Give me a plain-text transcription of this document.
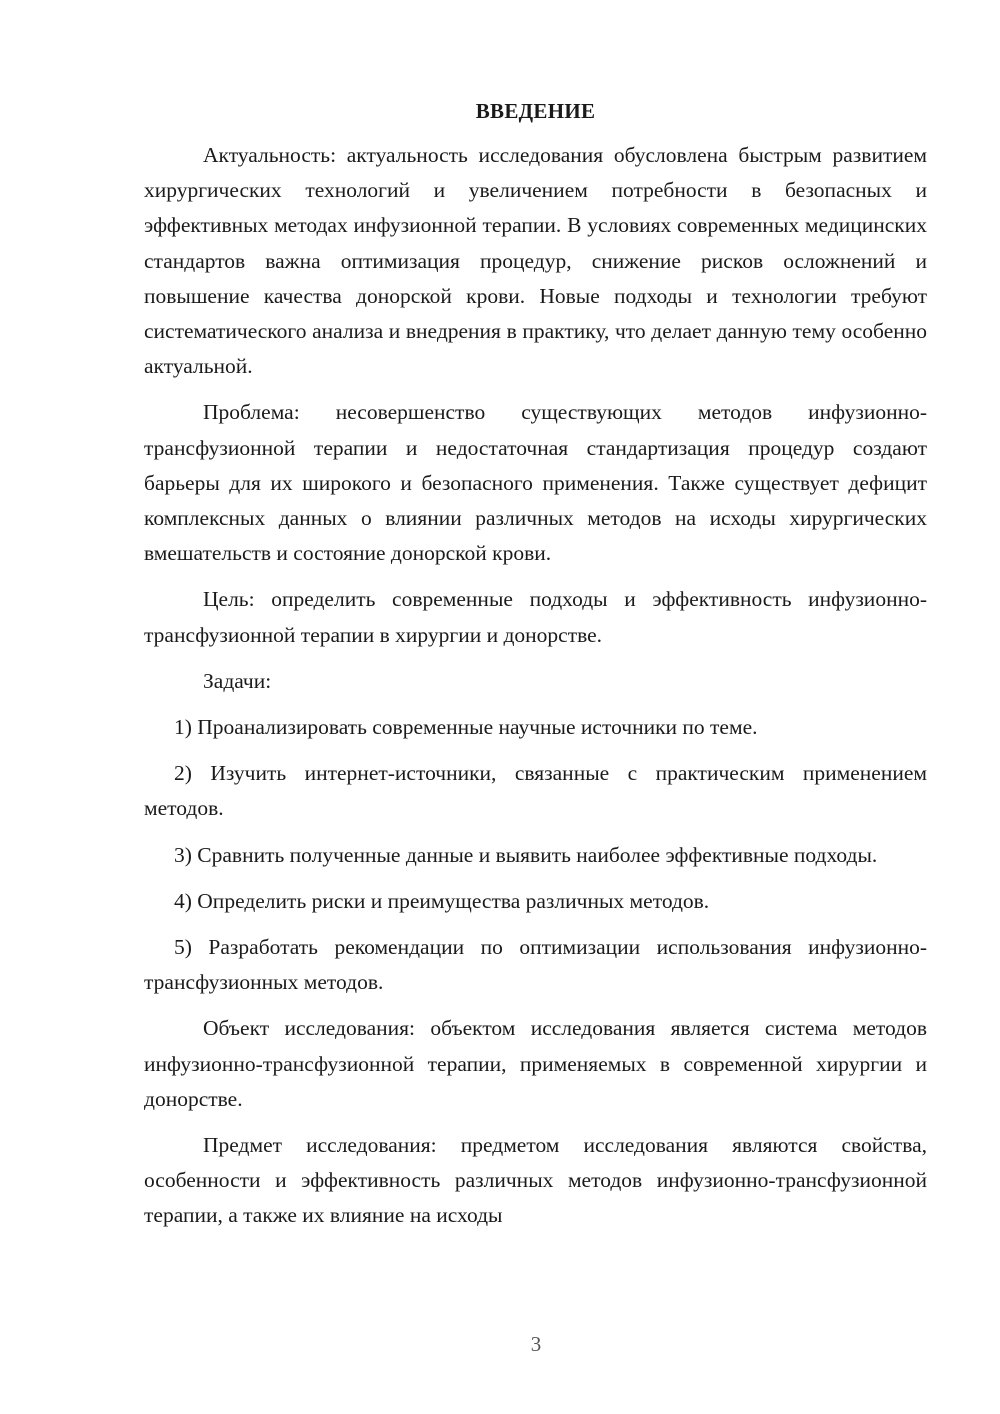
ВВЕДЕНИЕ

Актуальность: актуальность исследования обусловлена быстрым развитием хирургических технологий и увеличением потребности в безопасных и эффективных методах инфузионной терапии. В условиях современных медицинских стандартов важна оптимизация процедур, снижение рисков осложнений и повышение качества донорской крови. Новые подходы и технологии требуют систематического анализа и внедрения в практику, что делает данную тему особенно актуальной.

Проблема: несовершенство существующих методов инфузионно-трансфузионной терапии и недостаточная стандартизация процедур создают барьеры для их широкого и безопасного применения. Также существует дефицит комплексных данных о влиянии различных методов на исходы хирургических вмешательств и состояние донорской крови.

Цель: определить современные подходы и эффективность инфузионно-трансфузионной терапии в хирургии и донорстве.

Задачи:

1) Проанализировать современные научные источники по теме.

2) Изучить интернет-источники, связанные с практическим применением методов.

3) Сравнить полученные данные и выявить наиболее эффективные подходы.

4) Определить риски и преимущества различных методов.

5) Разработать рекомендации по оптимизации использования инфузионно-трансфузионных методов.

Объект исследования: объектом исследования является система методов инфузионно-трансфузионной терапии, применяемых в современной хирургии и донорстве.

Предмет исследования: предметом исследования являются свойства, особенности и эффективность различных методов инфузионно-трансфузионной терапии, а также их влияние на исходы

3
